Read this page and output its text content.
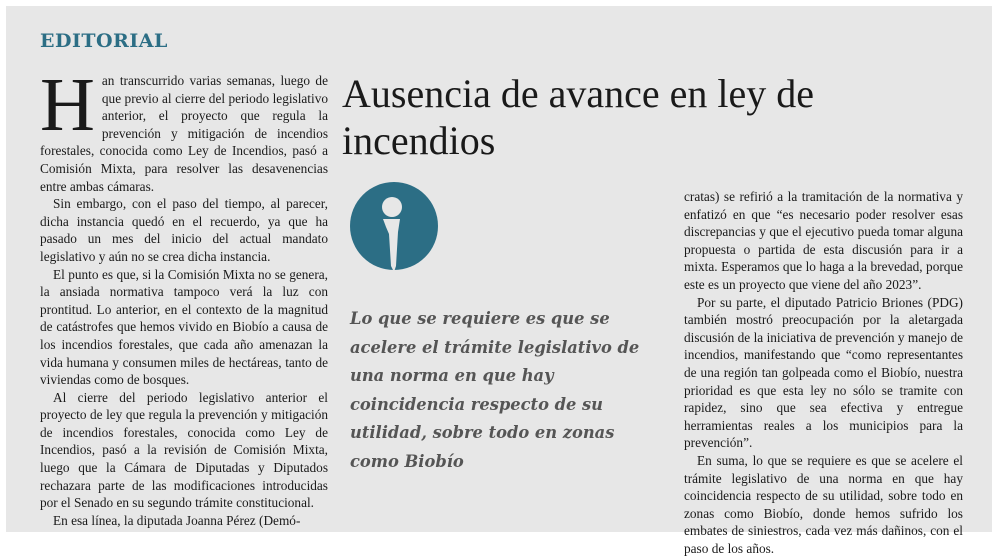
EDITORIAL
Ausencia de avance en ley de incendios

Han transcurrido varias semanas, luego de que previo al cierre del periodo legislativo anterior, el proyecto que regula la prevención y mitigación de incendios forestales, conocida como Ley de Incendios, pasó a Comisión Mixta, para resolver las desavenencias entre ambas cámaras.

Sin embargo, con el paso del tiempo, al parecer, dicha instancia quedó en el recuerdo, ya que ha pasado un mes del inicio del actual mandato legislativo y aún no se crea dicha instancia.

El punto es que, si la Comisión Mixta no se genera, la ansiada normativa tampoco verá la luz con prontitud. Lo anterior, en el contexto de la magnitud de catástrofes que hemos vivido en Biobío a causa de los incendios forestales, que cada año amenazan la vida humana y consumen miles de hectáreas, tanto de viviendas como de bosques.

Al cierre del periodo legislativo anterior el proyecto de ley que regula la prevención y mitigación de incendios forestales, conocida como Ley de Incendios, pasó a la revisión de Comisión Mixta, luego que la Cámara de Diputadas y Diputados rechazara parte de las modificaciones introducidas por el Senado en su segundo trámite constitucional.

En esa línea, la diputada Joanna Pérez (Demó-

Lo que se requiere es que se acelere el trámite legislativo de una norma en que hay coincidencia respecto de su utilidad, sobre todo en zonas como Biobío

cratas) se refirió a la tramitación de la normativa y enfatizó en que “es necesario poder resolver esas discrepancias y que el ejecutivo pueda tomar alguna propuesta o partida de esta discusión para ir a mixta. Esperamos que lo haga a la brevedad, porque este es un proyecto que viene del año 2023”.

Por su parte, el diputado Patricio Briones (PDG) también mostró preocupación por la aletargada discusión de la iniciativa de prevención y manejo de incendios, manifestando que “como representantes de una región tan golpeada como el Biobío, nuestra prioridad es que esta ley no sólo se tramite con rapidez, sino que sea efectiva y entregue herramientas reales a los municipios para la prevención”.

En suma, lo que se requiere es que se acelere el trámite legislativo de una norma en que hay coincidencia respecto de su utilidad, sobre todo en zonas como Biobío, donde hemos sufrido los embates de siniestros, cada vez más dañinos, con el paso de los años.
